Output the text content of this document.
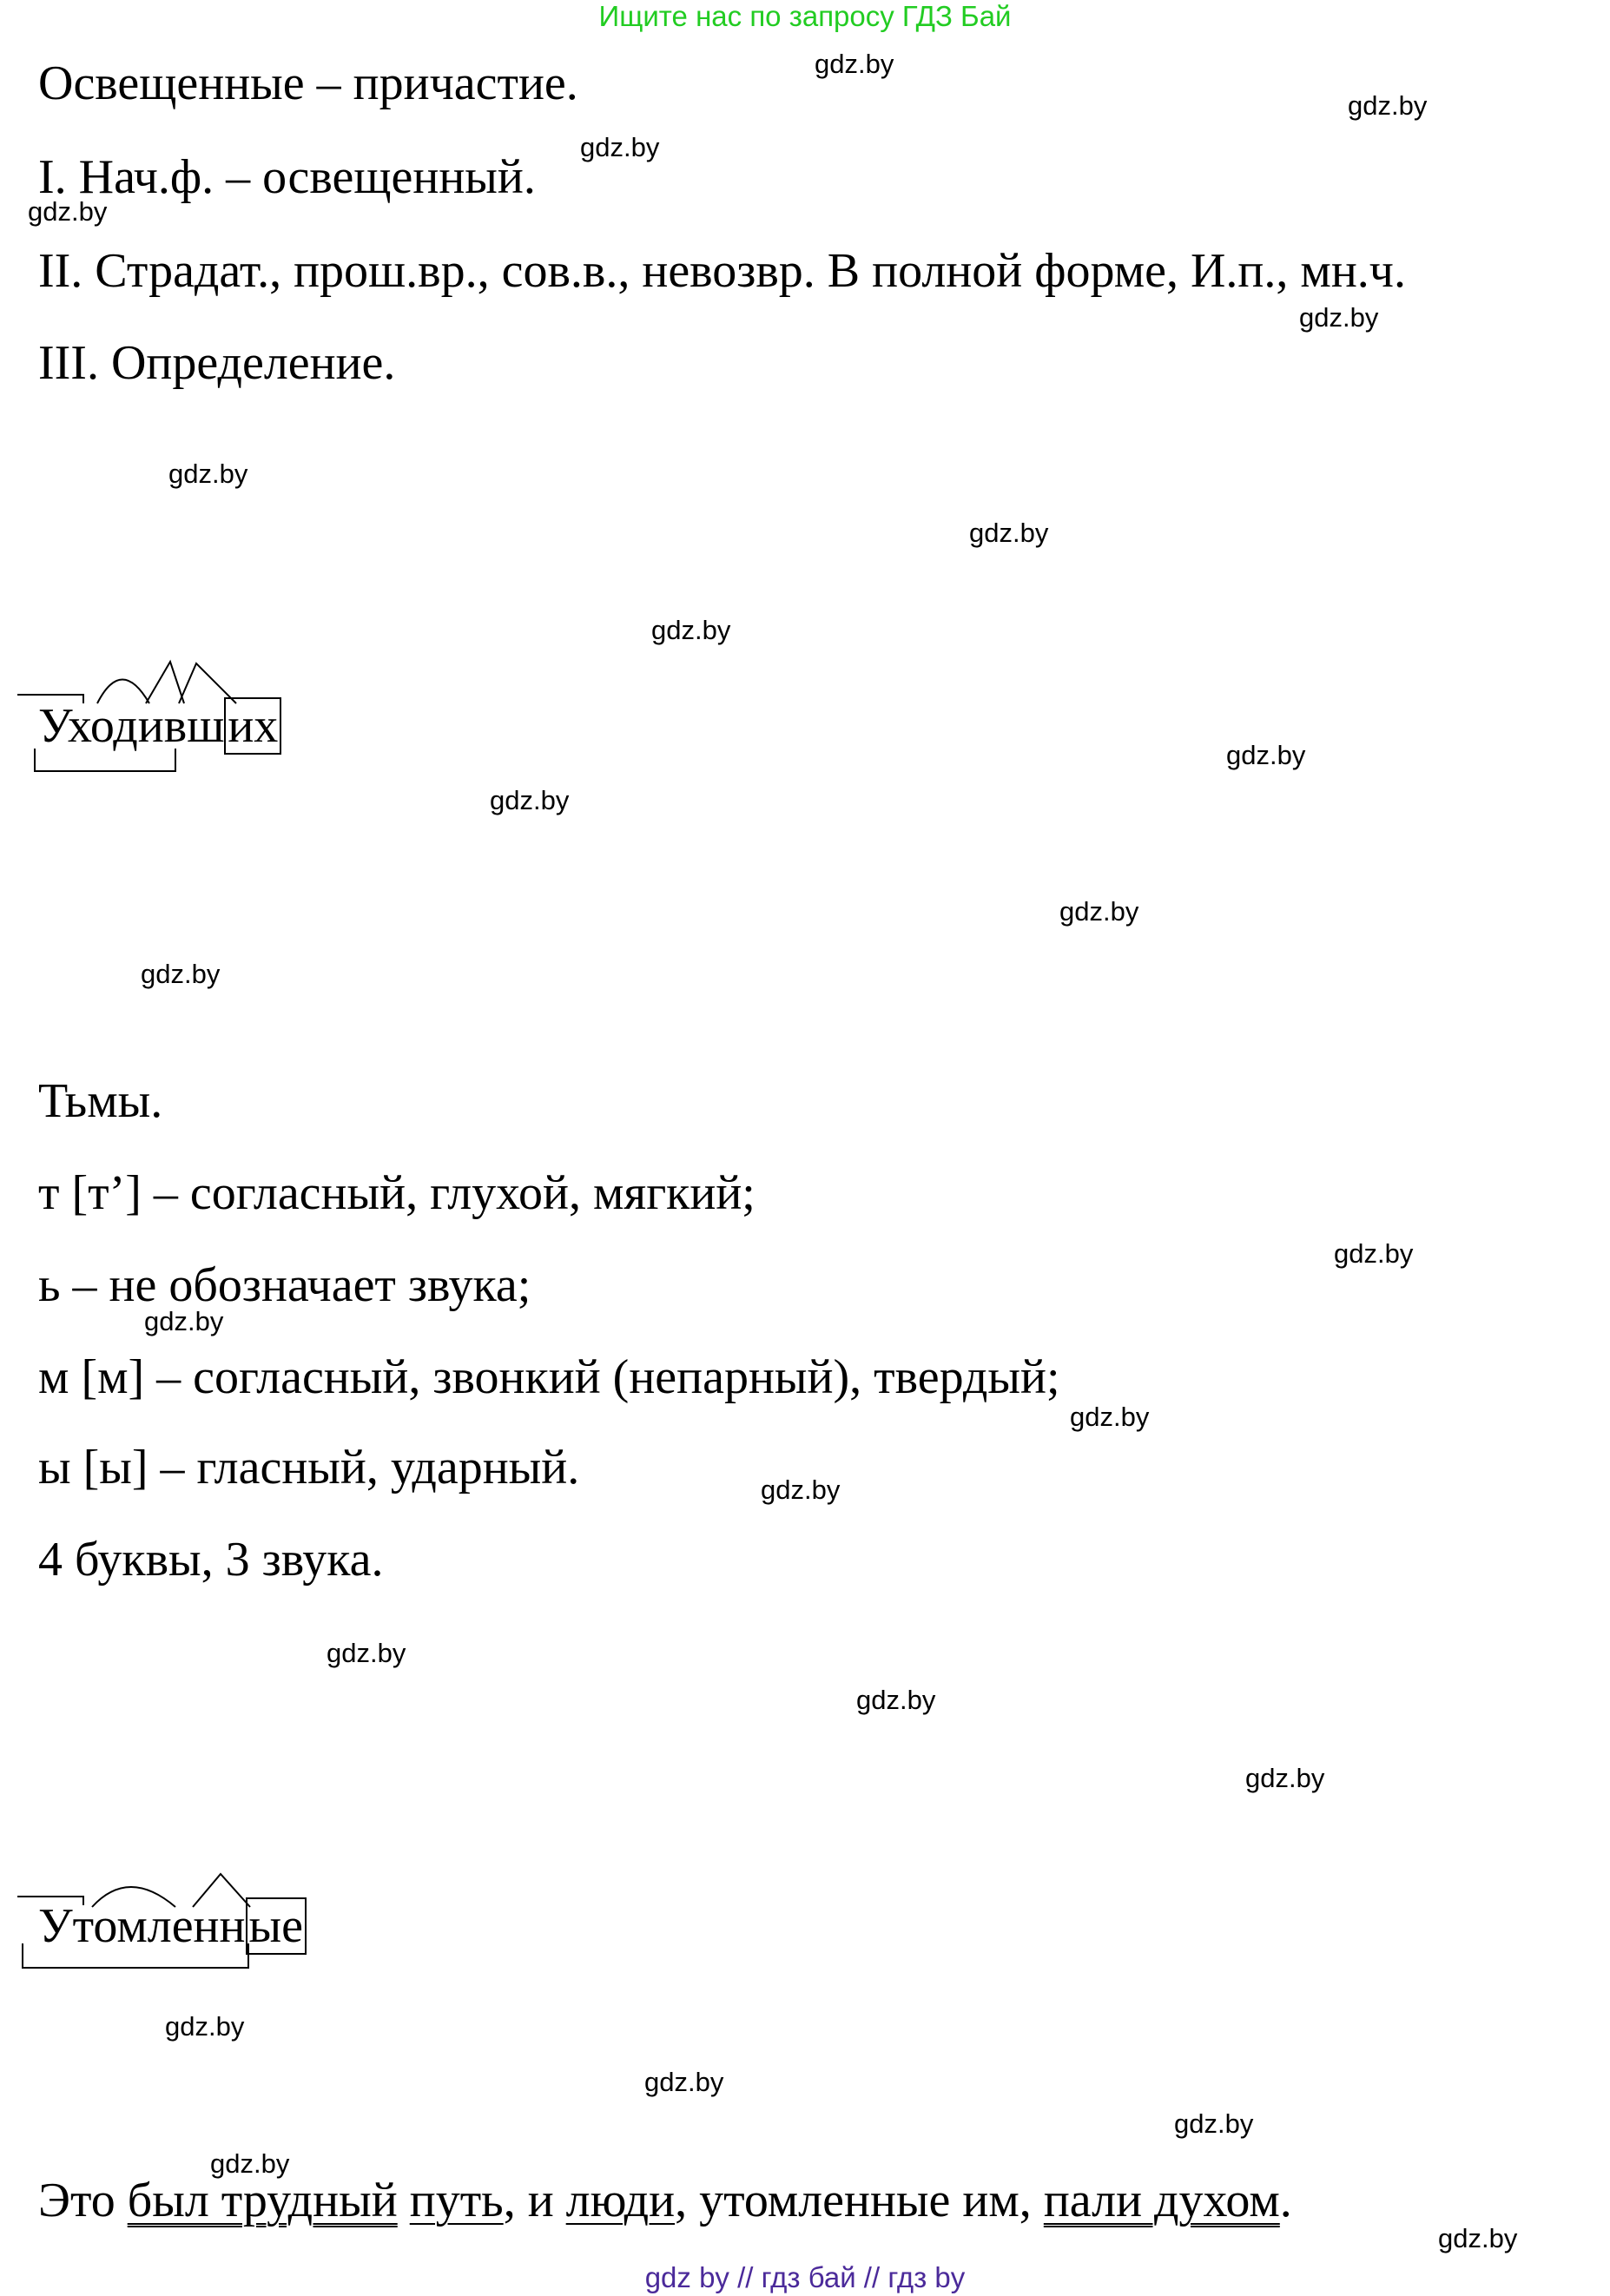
Ищите нас по запросу ГДЗ Бай
Освещенные – причастие.
I. Нач.ф. – освещенный.
II. Страдат., прош.вр., сов.в., невозвр. В полной форме, И.п., мн.ч.
III. Определение.
Уходивших
Тьмы.
т [т’] – согласный, глухой, мягкий;
ь – не обозначает звука;
м [м] – согласный, звонкий (непарный), твердый;
ы [ы] – гласный, ударный.
4 буквы, 3 звука.
Утомленные
Это был трудный путь, и люди, утомленные им, пали духом.
gdz.by
gdz.by
gdz.by
gdz.by
gdz.by
gdz.by
gdz.by
gdz.by
gdz.by
gdz.by
gdz.by
gdz.by
gdz.by
gdz.by
gdz.by
gdz.by
gdz.by
gdz.by
gdz.by
gdz.by
gdz.by
gdz.by
gdz.by
gdz.by
gdz by // гдз бай // гдз by
